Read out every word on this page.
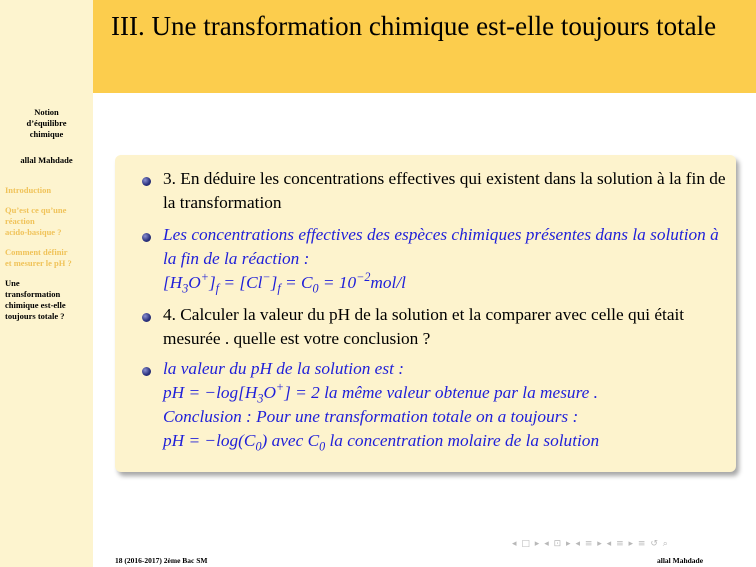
Notion
d’équilibre
chimique
allal Mahdade
Introduction
Qu’est ce qu’une
réaction
acido-basique ?
Comment définir
et mesurer le pH ?
Une
transformation
chimique est-elle
toujours totale ?
III. Une transformation chimique est-elle toujours totale
3. En déduire les concentrations effectives qui existent dans la solution à la fin de la transformation
Les concentrations effectives des espèces chimiques présentes dans la solution à la fin de la réaction :
$[H_3O^+]_f = [Cl^-]_f = C_0 = 10^{-2}mol/l$
4. Calculer la valeur du pH de la solution et la comparer avec celle qui était mesurée . quelle est votre conclusion ?
la valeur du pH de la solution est :
pH = $-\log[H_3O^+] = 2$ la même valeur obtenue par la mesure .
Conclusion : Pour une transformation totale on a toujours :
pH = $-\log(C_0)$ avec $C_0$ la concentration molaire de la solution
◂ □ ▸ ◂ ⊡ ▸ ◂ ≡ ▸ ◂ ≡ ▸ ≡ ↺ ⌕
18 (2016-2017) 2ème Bac SM	allal Mahdade
